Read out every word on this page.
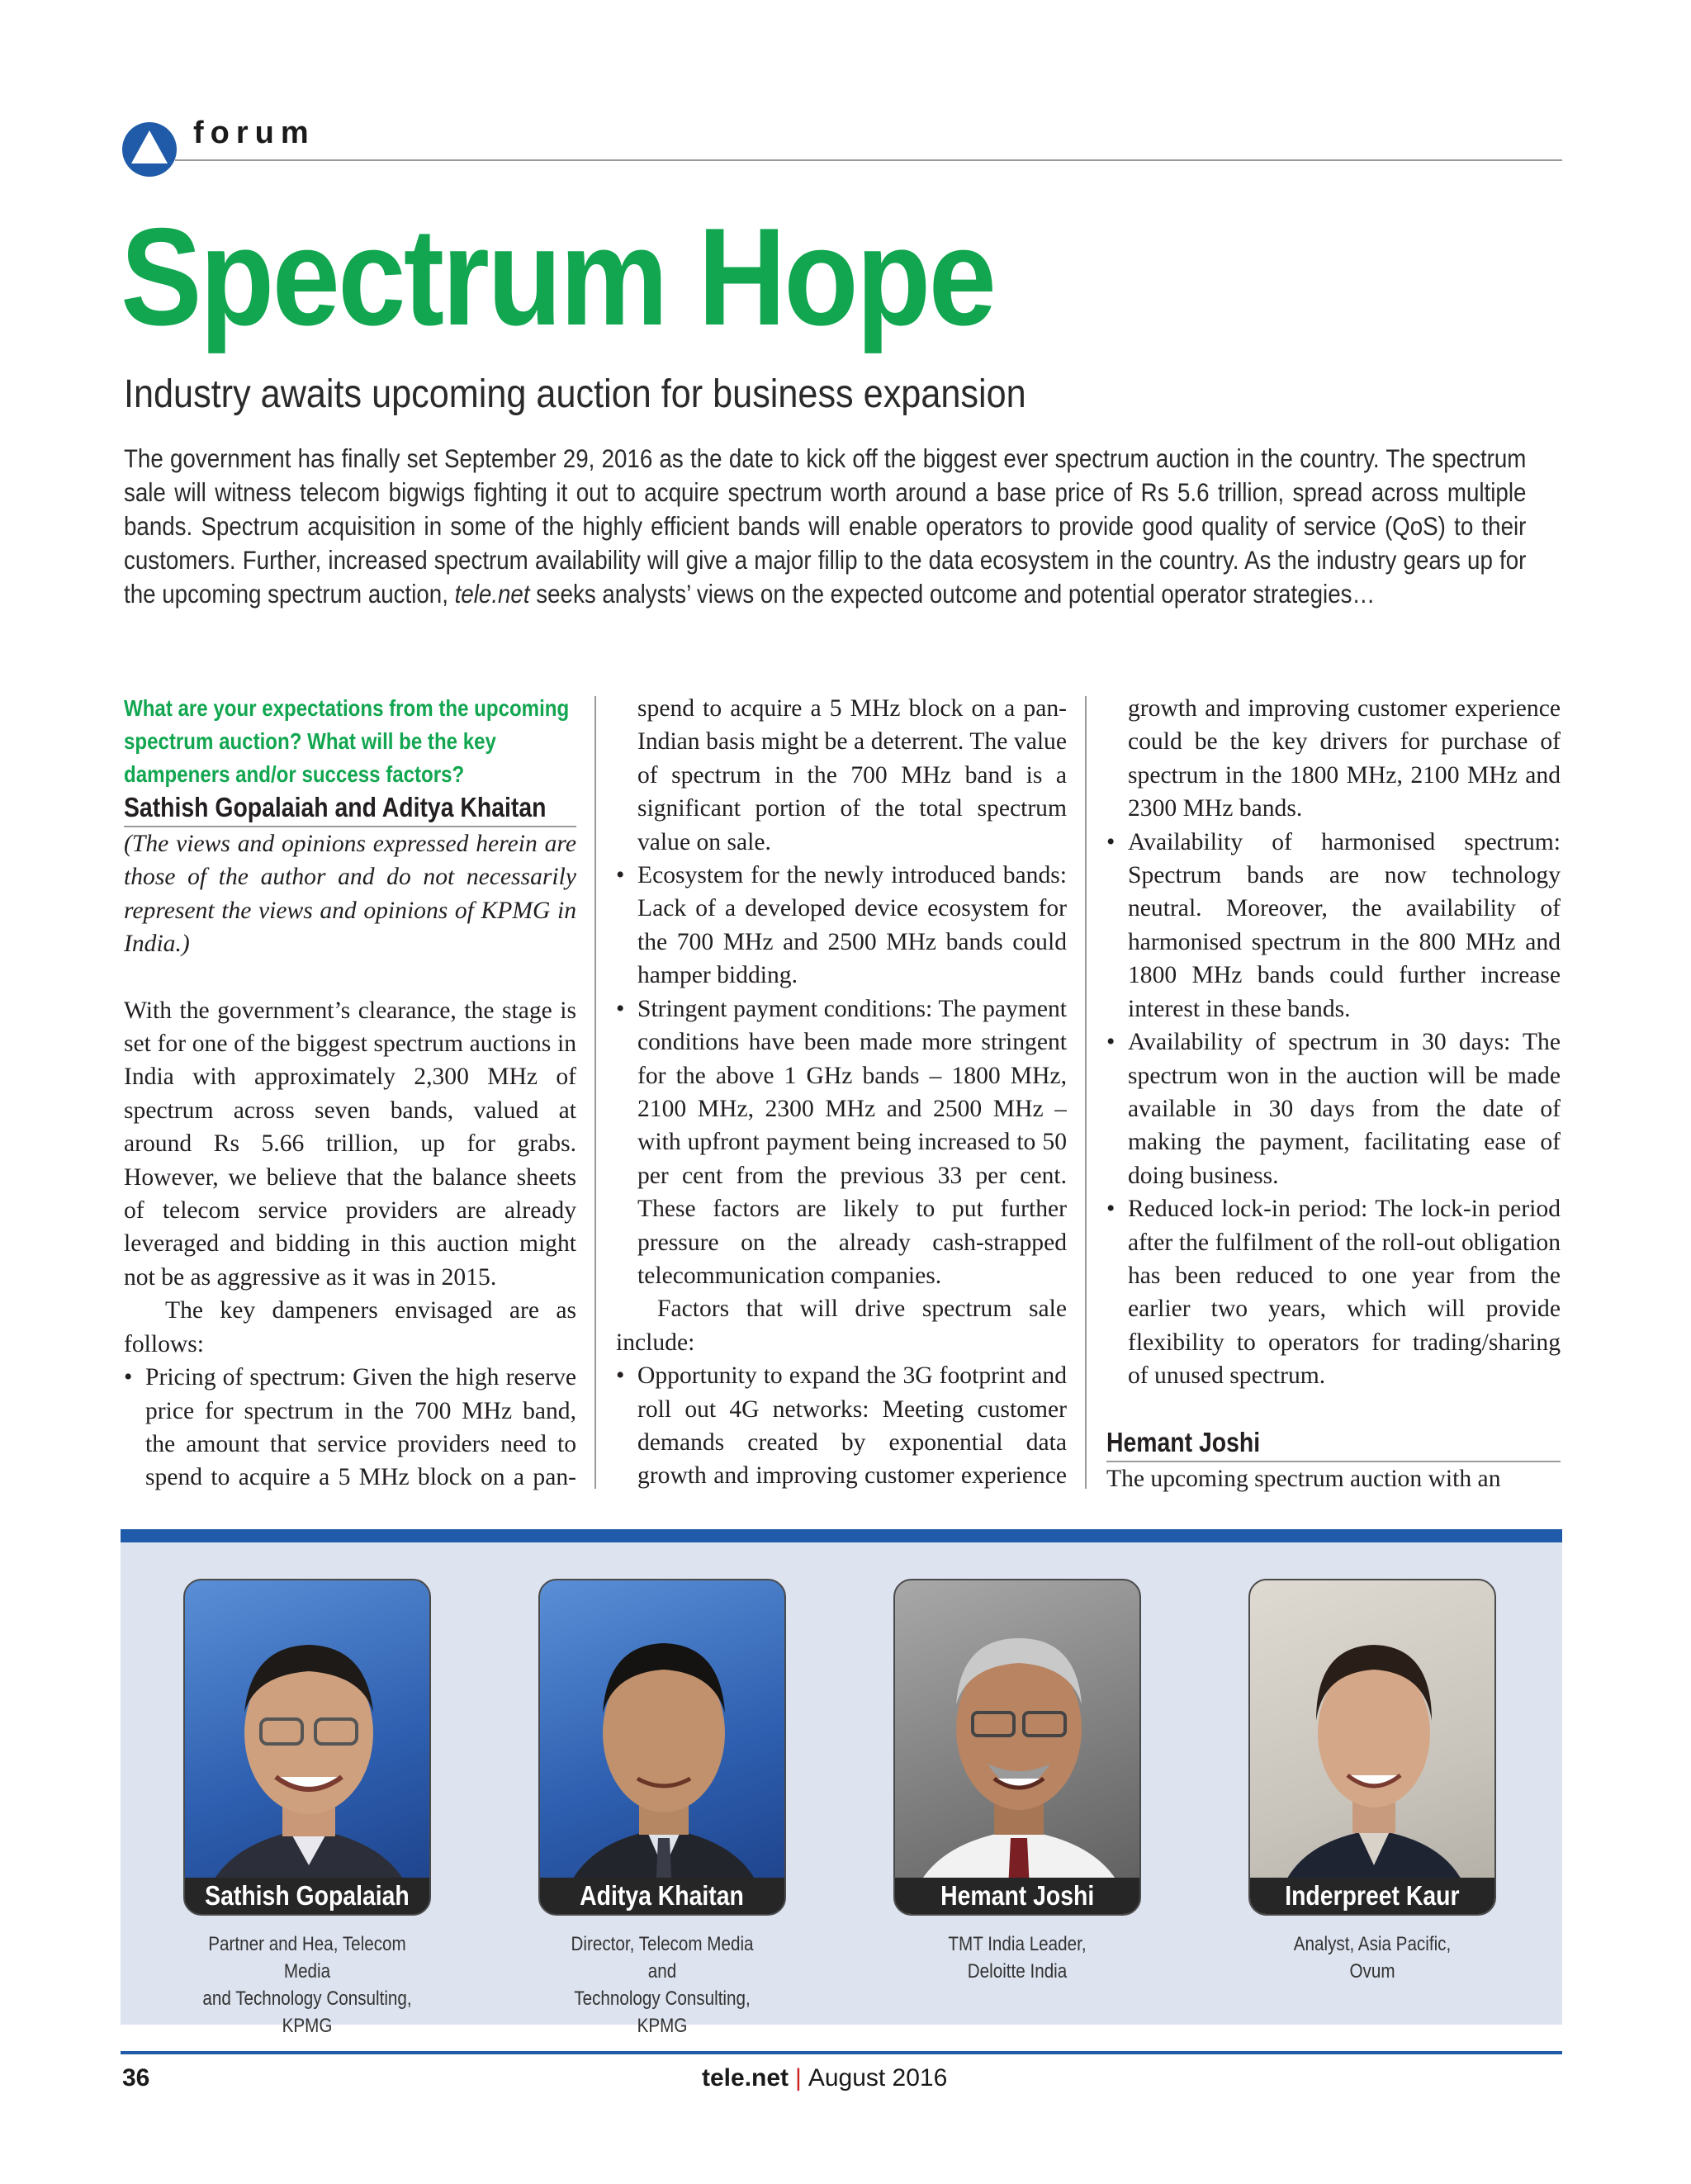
forum
Spectrum Hope
Industry awaits upcoming auction for business expansion

The government has finally set September 29, 2016 as the date to kick off the biggest ever spectrum auction in the country. The spectrum sale will witness telecom bigwigs fighting it out to acquire spectrum worth around a base price of Rs 5.6 trillion, spread across multiple bands. Spectrum acquisition in some of the highly efficient bands will enable operators to provide good quality of service (QoS) to their customers. Further, increased spectrum availability will give a major fillip to the data ecosystem in the country. As the industry gears up for the upcoming spectrum auction, tele.net seeks analysts’ views on the expected outcome and potential operator strategies…

What are your expectations from the upcoming spectrum auction? What will be the key dampeners and/or success factors?

Sathish Gopalaiah and Aditya Khaitan

(The views and opinions expressed herein are those of the author and do not necessarily represent the views and opinions of KPMG in India.)

With the government’s clearance, the stage is set for one of the biggest spectrum auctions in India with approximately 2,300 MHz of spectrum across seven bands, valued at around Rs 5.66 trillion, up for grabs. However, we believe that the balance sheets of telecom service providers are already leveraged and bidding in this auction might not be as aggressive as it was in 2015.

The key dampeners envisaged are as follows:

• Pricing of spectrum: Given the high reserve price for spectrum in the 700 MHz band, the amount that service providers need to spend to acquire a 5 MHz block on a pan-
• spend to acquire a 5 MHz block on a pan-Indian basis might be a deterrent. The value of spectrum in the 700 MHz band is a significant portion of the total spectrum value on sale.
• Ecosystem for the newly introduced bands: Lack of a developed device ecosystem for the 700 MHz and 2500 MHz bands could hamper bidding.
• Stringent payment conditions: The payment conditions have been made more stringent for the above 1 GHz bands – 1800 MHz, 2100 MHz, 2300 MHz and 2500 MHz – with upfront payment being increased to 50 per cent from the previous 33 per cent. These factors are likely to put further pressure on the already cash-strapped telecommunication companies.

Factors that will drive spectrum sale include:

• Opportunity to expand the 3G footprint and roll out 4G networks: Meeting customer demands created by exponential data growth and improving customer experience
• growth and improving customer experience could be the key drivers for purchase of spectrum in the 1800 MHz, 2100 MHz and 2300 MHz bands.
• Availability of harmonised spectrum: Spectrum bands are now technology neutral. Moreover, the availability of harmonised spectrum in the 800 MHz and 1800 MHz bands could further increase interest in these bands.
• Availability of spectrum in 30 days: The spectrum won in the auction will be made available in 30 days from the date of making the payment, facilitating ease of doing business.
• Reduced lock-in period: The lock-in period after the fulfilment of the roll-out obligation has been reduced to one year from the earlier two years, which will provide flexibility to operators for trading/sharing of unused spectrum.
Hemant Joshi

The upcoming spectrum auction with an

Sathish Gopalaiah
Partner and Hea, Telecom Media
and Technology Consulting,
KPMG
Aditya Khaitan
Director, Telecom Media and
Technology Consulting, KPMG
Hemant Joshi
TMT India Leader,
Deloitte India
Inderpreet Kaur
Analyst, Asia Pacific,
Ovum
36	tele.net | August 2016
